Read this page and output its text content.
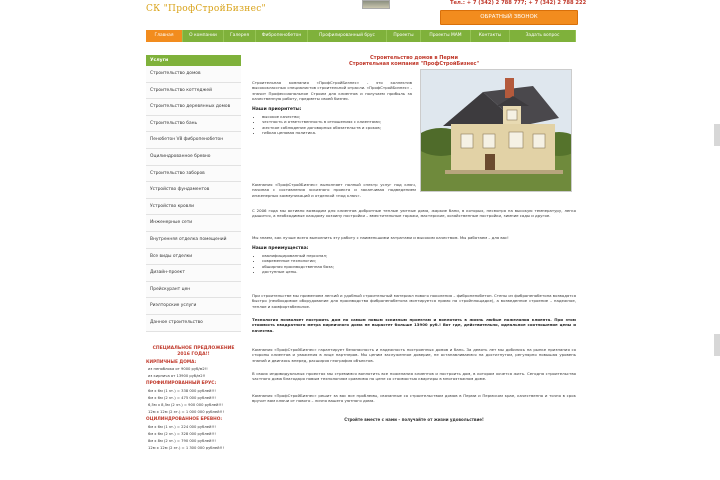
СК "ПрофСтройБизнес"
Тел.: + 7 (342) 2 788 777; + 7 (342) 2 788 222
ОБРАТНЫЙ ЗВОНОК
Главная	О компании	Галерея	Фибропенобетон	Профилированный брус	Проекты	Проекты МАМ	Контакты	Задать вопрос
Услуги
Строительство домов
Строительство коттеджей
Строительство деревянных домов
Строительство бань
Пенобетон V8 фибропенобетон
Оцилиндрованное бревно
Строительство заборов
Устройство фундаментов
Устройство кровли
Инженерные сети
Внутренняя отделка помещений
Все виды отделки
Дизайн-проект
Прейскурант цен
Риэлторские услуги
Данное строительство
СПЕЦИАЛЬНОЕ ПРЕДЛОЖЕНИЕ 2016 ГОДА!!
КИРПИЧНЫЕ ДОМА:
из пеноблока от 9000 руб/м2!!
из кирпича от 13900 руб/м2!!
ПРОФИЛИРОВАННЫЙ БРУС:
6м х 6м (1 эт.) = 338 000 рублей!!!
6м х 6м (2 эт.) = 475 000 рублей!!!
6,5м х 8,5м (2 эт.) = 900 000 рублей!!!
12м х 12м (2 эт.) = 1 000 000 рублей!!!
ОЦИЛИНДРОВАННОЕ БРЕВНО:
6м х 6м (1 эт.) = 224 000 рублей!!!
6м х 6м (2 эт.) = 328 000 рублей!!!
8м х 8м (2 эт.) = 790 000 рублей!!!
12м х 12м (2 эт.) = 1 300 000 рублей!!!
Строительство домов в Перми
Строительная компания "ПрофСтройБизнес"
Строительная компания «ПрофСтройБизнес» - это коллектив высококлассных специалистов строительной отрасли. «ПрофСтройБизнес» - значит Профессиональное Строим для клиентов и получаем прибыль за качественную работу, предметы своей бизнес.
Наши приоритеты:
• высокое качество;
• честность и ответственность в отношениях с клиентами;
• жесткое соблюдение договорных обязательств и сроков;
• гибкая ценовая политика.
Компания «ПрофСтройБизнес» выполняет полный спектр услуг под ключ, начиная с составления эскизного проекта и заканчивая подведением инженерных коммуникаций и отделкой «под ключ».
С 2006 года мы активно возводим для клиентов добротные теплые уютные дома, жаркие бани, в которых, несмотря на высокую температуру, легко дышится, а необходимые каждому хозяину постройки – вместительные гаражи, мастерские, хозяйственные постройки, зимние сады и другое.
Мы знаем, как лучше всего выполнить эту работу с наименьшими затратами и высоким качеством. Мы работаем – для вас!
Наши преимущества:
• квалифицированный персонал;
• современные технологии;
• обширная производственная база;
• доступные цены.
При строительстве мы применяем легкий и удобный строительный материал нового поколения – фибропенобетон. Стены из фибропенобетона возводятся быстро (необходимое оборудование для производства фибропенобетона монтируется прямо на стройплощадке), а возведенное строение – надежное, теплое и комфортабельное.
Технология позволяет построить дом по самым новым эскизным проектам и воплотить в жизнь любые пожелания клиента. При этом стоимость квадратного метра кирпичного дома не вырастет больше 13900 руб.! Вот где, действительно, идеальное соотношение цены и качества.
Компания «ПрофСтройБизнес» гарантирует безопасность и надежность построенных домов и бань. За девять лет мы добились на рынке признания со стороны клиентов и уважения в лице партнеров. Мы ценим заслуженное доверие, не останавливаемся на достигнутом, регулярно повышая уровень знаний и двигаясь вперед, расширяя география объектов.
В своих индивидуальных проектах мы стремимся воплотить все пожелания клиентов и построить дом, в котором хочется жить. Сегодня строительство частного дома благодаря новым технологиям сравнимо по цене со стоимостью квартиры в многоэтажном доме.
Компания «ПрофСтройБизнес» решит за вас все проблемы, связанные со строительством домов в Перми и Пермском крае, качественно и точно в срок вручит вам ключи от нового – лично вашего уютного дома.
Стройте вместе с нами – получайте от жизни удовольствие!
